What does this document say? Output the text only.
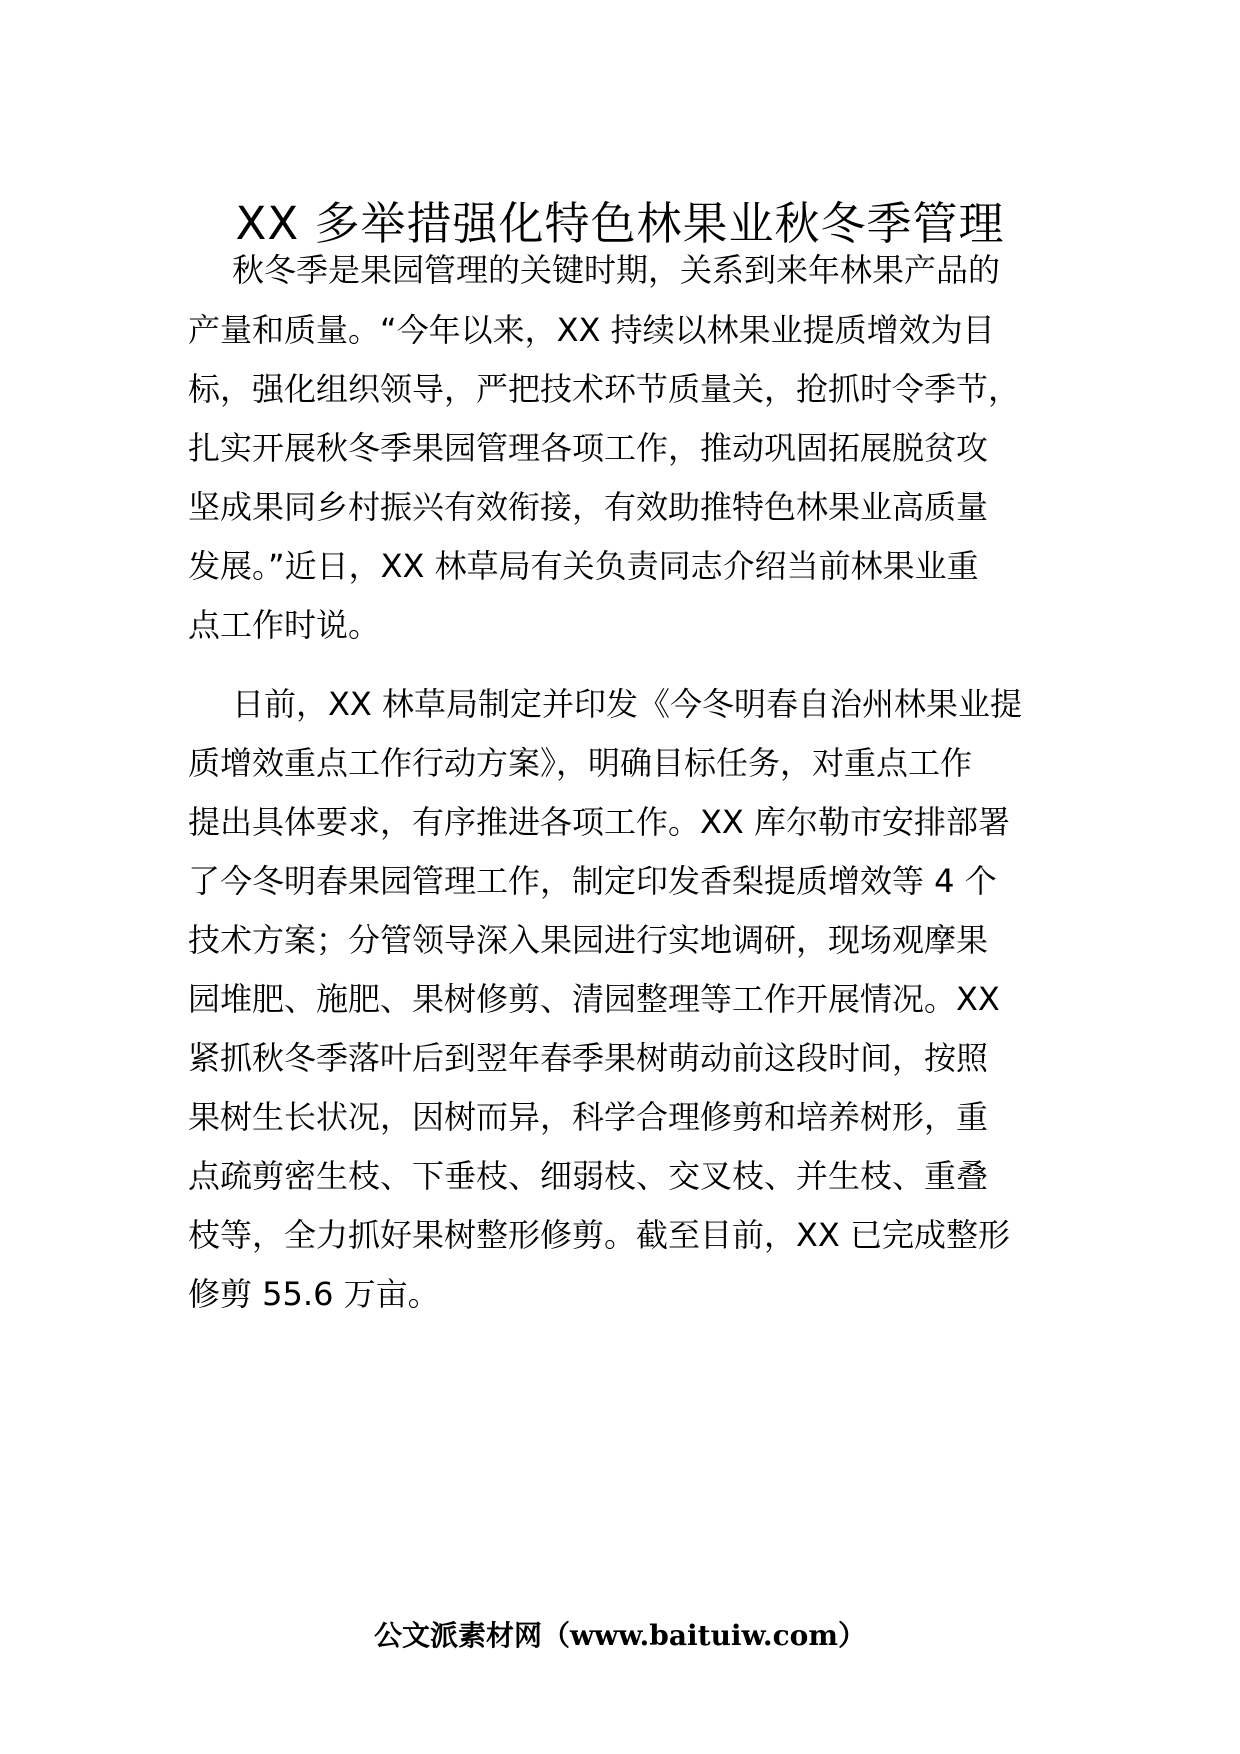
XX 多举措强化特色林果业秋冬季管理

秋冬季是果园管理的关键时期，关系到来年林果产品的

产量和质量。“今年以来，XX 持续以林果业提质增效为目

标，强化组织领导，严把技术环节质量关，抢抓时令季节，

扎实开展秋冬季果园管理各项工作，推动巩固拓展脱贫攻

坚成果同乡村振兴有效衔接，有效助推特色林果业高质量

发展。”近日，XX 林草局有关负责同志介绍当前林果业重

点工作时说。

日前，XX 林草局制定并印发《今冬明春自治州林果业提

质增效重点工作行动方案》，明确目标任务，对重点工作

提出具体要求，有序推进各项工作。XX 库尔勒市安排部署

了今冬明春果园管理工作，制定印发香梨提质增效等 4 个

技术方案；分管领导深入果园进行实地调研，现场观摩果

园堆肥、施肥、果树修剪、清园整理等工作开展情况。XX

紧抓秋冬季落叶后到翌年春季果树萌动前这段时间，按照

果树生长状况，因树而异，科学合理修剪和培养树形，重

点疏剪密生枝、下垂枝、细弱枝、交叉枝、并生枝、重叠

枝等，全力抓好果树整形修剪。截至目前，XX 已完成整形

修剪 55.6 万亩。

公文派素材网（www.baituiw.com）
